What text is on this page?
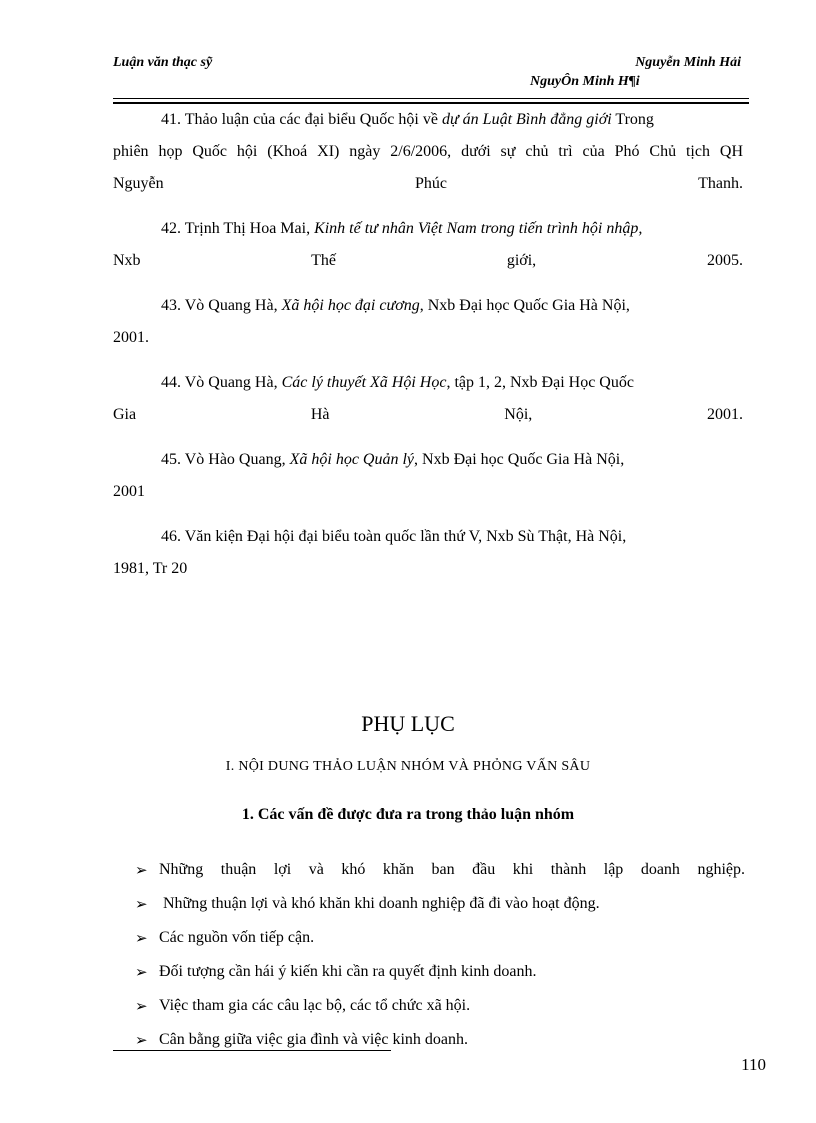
Luận văn thạc sỹ	Nguyễn Minh Hải
NguyÔn Minh H¶i
41. Thảo luận của các đại biểu Quốc hội về dự án Luật Bình đẳng giới Trong
phiên họp Quốc hội (Khoá XI) ngày 2/6/2006, dưới sự chủ trì của Phó Chủ tịch QH
Nguyễn	Phúc	Thanh.
42. Trịnh Thị Hoa Mai, Kinh tế tư nhân Việt Nam trong tiến trình hội nhập,
Nxb	Thế	giới,	2005.
43. Vò Quang Hà, Xã hội học đại cương, Nxb Đại học Quốc Gia Hà Nội,
2001.
44. Vò Quang Hà, Các lý thuyết Xã Hội Học, tập 1, 2, Nxb Đại Học Quốc
Gia	Hà	Nội,	2001.
45. Vò Hào Quang, Xã hội học Quản lý, Nxb Đại học Quốc Gia Hà Nội,
2001
46. Văn kiện Đại hội đại biểu toàn quốc lần thứ V, Nxb Sù Thật, Hà Nội,
1981, Tr 20
PHỤ LỤC
I. NỘI DUNG THẢO LUẬN NHÓM VÀ PHỎNG VẤN SÂU
1. Các vấn đề được đưa ra trong thảo luận nhóm
➢ Những thuận lợi và khó khăn ban đầu khi thành lập doanh nghiệp.
➢ Những thuận lợi và khó khăn khi doanh nghiệp đã đi vào hoạt động.
➢ Các nguồn vốn tiếp cận.
➢ Đối tượng cần hái ý kiến khi cần ra quyết định kinh doanh.
➢ Việc tham gia các câu lạc bộ, các tổ chức xã hội.
➢ Cân bằng giữa việc gia đình và việc kinh doanh.
110
